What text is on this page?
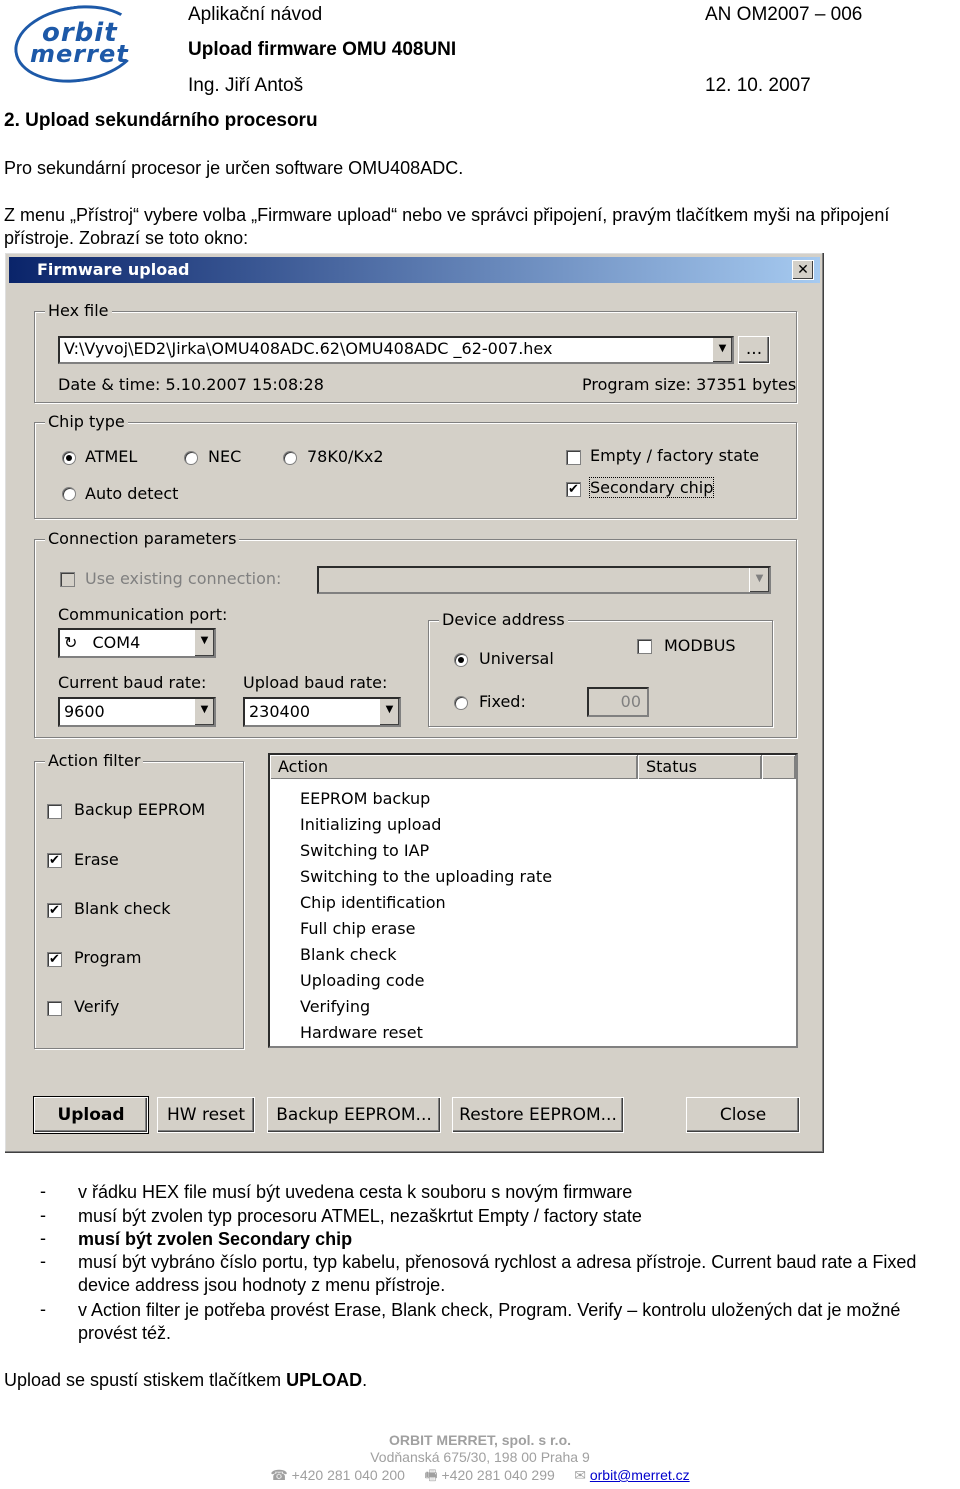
orbit
merret
Aplikační návod	AN OM2007 – 006
Upload firmware OMU 408UNI
Ing. Jiří Antoš	12. 10. 2007
2. Upload sekundárního procesoru
Pro sekundární procesor je určen software OMU408ADC.
Z menu „Přístroj“ vybere volba „Firmware upload“ nebo ve správci připojení, pravým tlačítkem myši na připojení přístroje. Zobrazí se toto okno:
Firmware upload	✕
Hex file
V:\Vyvoj\ED2\Jirka\OMU408ADC.62\OMU408ADC _62-007.hex	▼	...
Date & time: 5.10.2007 15:08:28	Program size: 37351 bytes
Chip type
ATMEL	NEC	78K0/Kx2
Auto detect
Empty / factory state
✔ Secondary chip
Connection parameters
Use existing connection:	▼
Communication port:
↻ COM4	▼
Current baud rate:
9600	▼
Upload baud rate:
230400	▼
Device address
Universal
Fixed:	00
MODBUS
Action filter
Backup EEPROM
✔ Erase
✔ Blank check
✔ Program
Verify
Action	Status
EEPROM backup
Initializing upload
Switching to IAP
Switching to the uploading rate
Chip identification
Full chip erase
Blank check
Uploading code
Verifying
Hardware reset
Upload	HW reset	Backup EEPROM...	Restore EEPROM...	Close
- v řádku HEX file musí být uvedena cesta k souboru s novým firmware
- musí být zvolen typ procesoru ATMEL, nezaškrtut Empty / factory state
- musí být zvolen Secondary chip
- musí být vybráno číslo portu, typ kabelu, přenosová rychlost a adresa přístroje. Current baud rate a Fixed device address jsou hodnoty z menu přístroje.
- v Action filter je potřeba provést Erase, Blank check, Program. Verify – kontrolu uložených dat je možné provést též.
Upload se spustí stiskem tlačítkem UPLOAD.
ORBIT MERRET, spol. s r.o.
Vodňanská 675/30, 198 00 Praha 9
☎ +420 281 040 200 🖷 +420 281 040 299 ✉ orbit@merret.cz
